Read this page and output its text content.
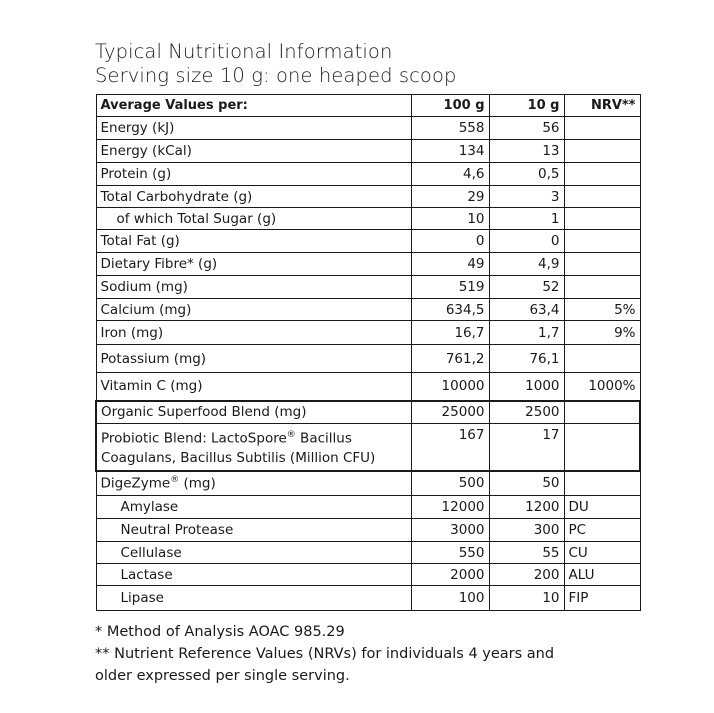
Typical Nutritional Information
Serving size 10 g: one heaped scoop
Average Values per:	100 g	10 g	NRV**
Energy (kJ)	558	56	
Energy (kCal)	134	13	
Protein (g)	4,6	0,5	
Total Carbohydrate (g)	29	3	
of which Total Sugar (g)	10	1	
Total Fat (g)	0	0	
Dietary Fibre* (g)	49	4,9	
Sodium (mg)	519	52	
Calcium (mg)	634,5	63,4	5%
Iron (mg)	16,7	1,7	9%
Potassium (mg)	761,2	76,1	
Vitamin C (mg)	10000	1000	1000%
Organic Superfood Blend (mg)	25000	2500	
Probiotic Blend: LactoSpore® Bacillus Coagulans, Bacillus Subtilis (Million CFU)	167	17	
DigeZyme® (mg)	500	50	
Amylase	12000	1200	DU
Neutral Protease	3000	300	PC
Cellulase	550	55	CU
Lactase	2000	200	ALU
Lipase	100	10	FIP
* Method of Analysis AOAC 985.29
** Nutrient Reference Values (NRVs) for individuals 4 years and
older expressed per single serving.
